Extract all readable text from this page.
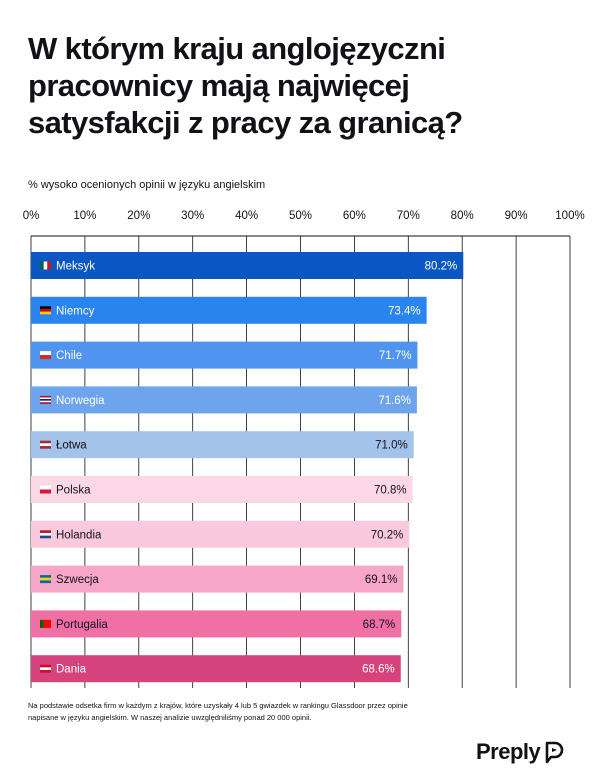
W którym kraju anglojęzyczni
pracownicy mają najwięcej
satysfakcji z pracy za granicą?
% wysoko ocenionych opinii w języku angielskim
0%	10%	20%	30%	40%	50%	60%	70%	80%	90% 100%
Meksyk	80.2%
Niemcy	73.4%
Chile	71.7%
Norwegia	71.6%
Łotwa	71.0%
Polska	70.8%
Holandia	70.2%
Szwecja	69.1%
Portugalia	68.7%
Dania	68.6%
Na podstawie odsetka firm w każdym z krajów, które uzyskały 4 lub 5 gwiazdek w rankingu Glassdoor przez opinie
napisane w języku angielskim. W naszej analizie uwzględniliśmy ponad 20 000 opinii.
Preply
